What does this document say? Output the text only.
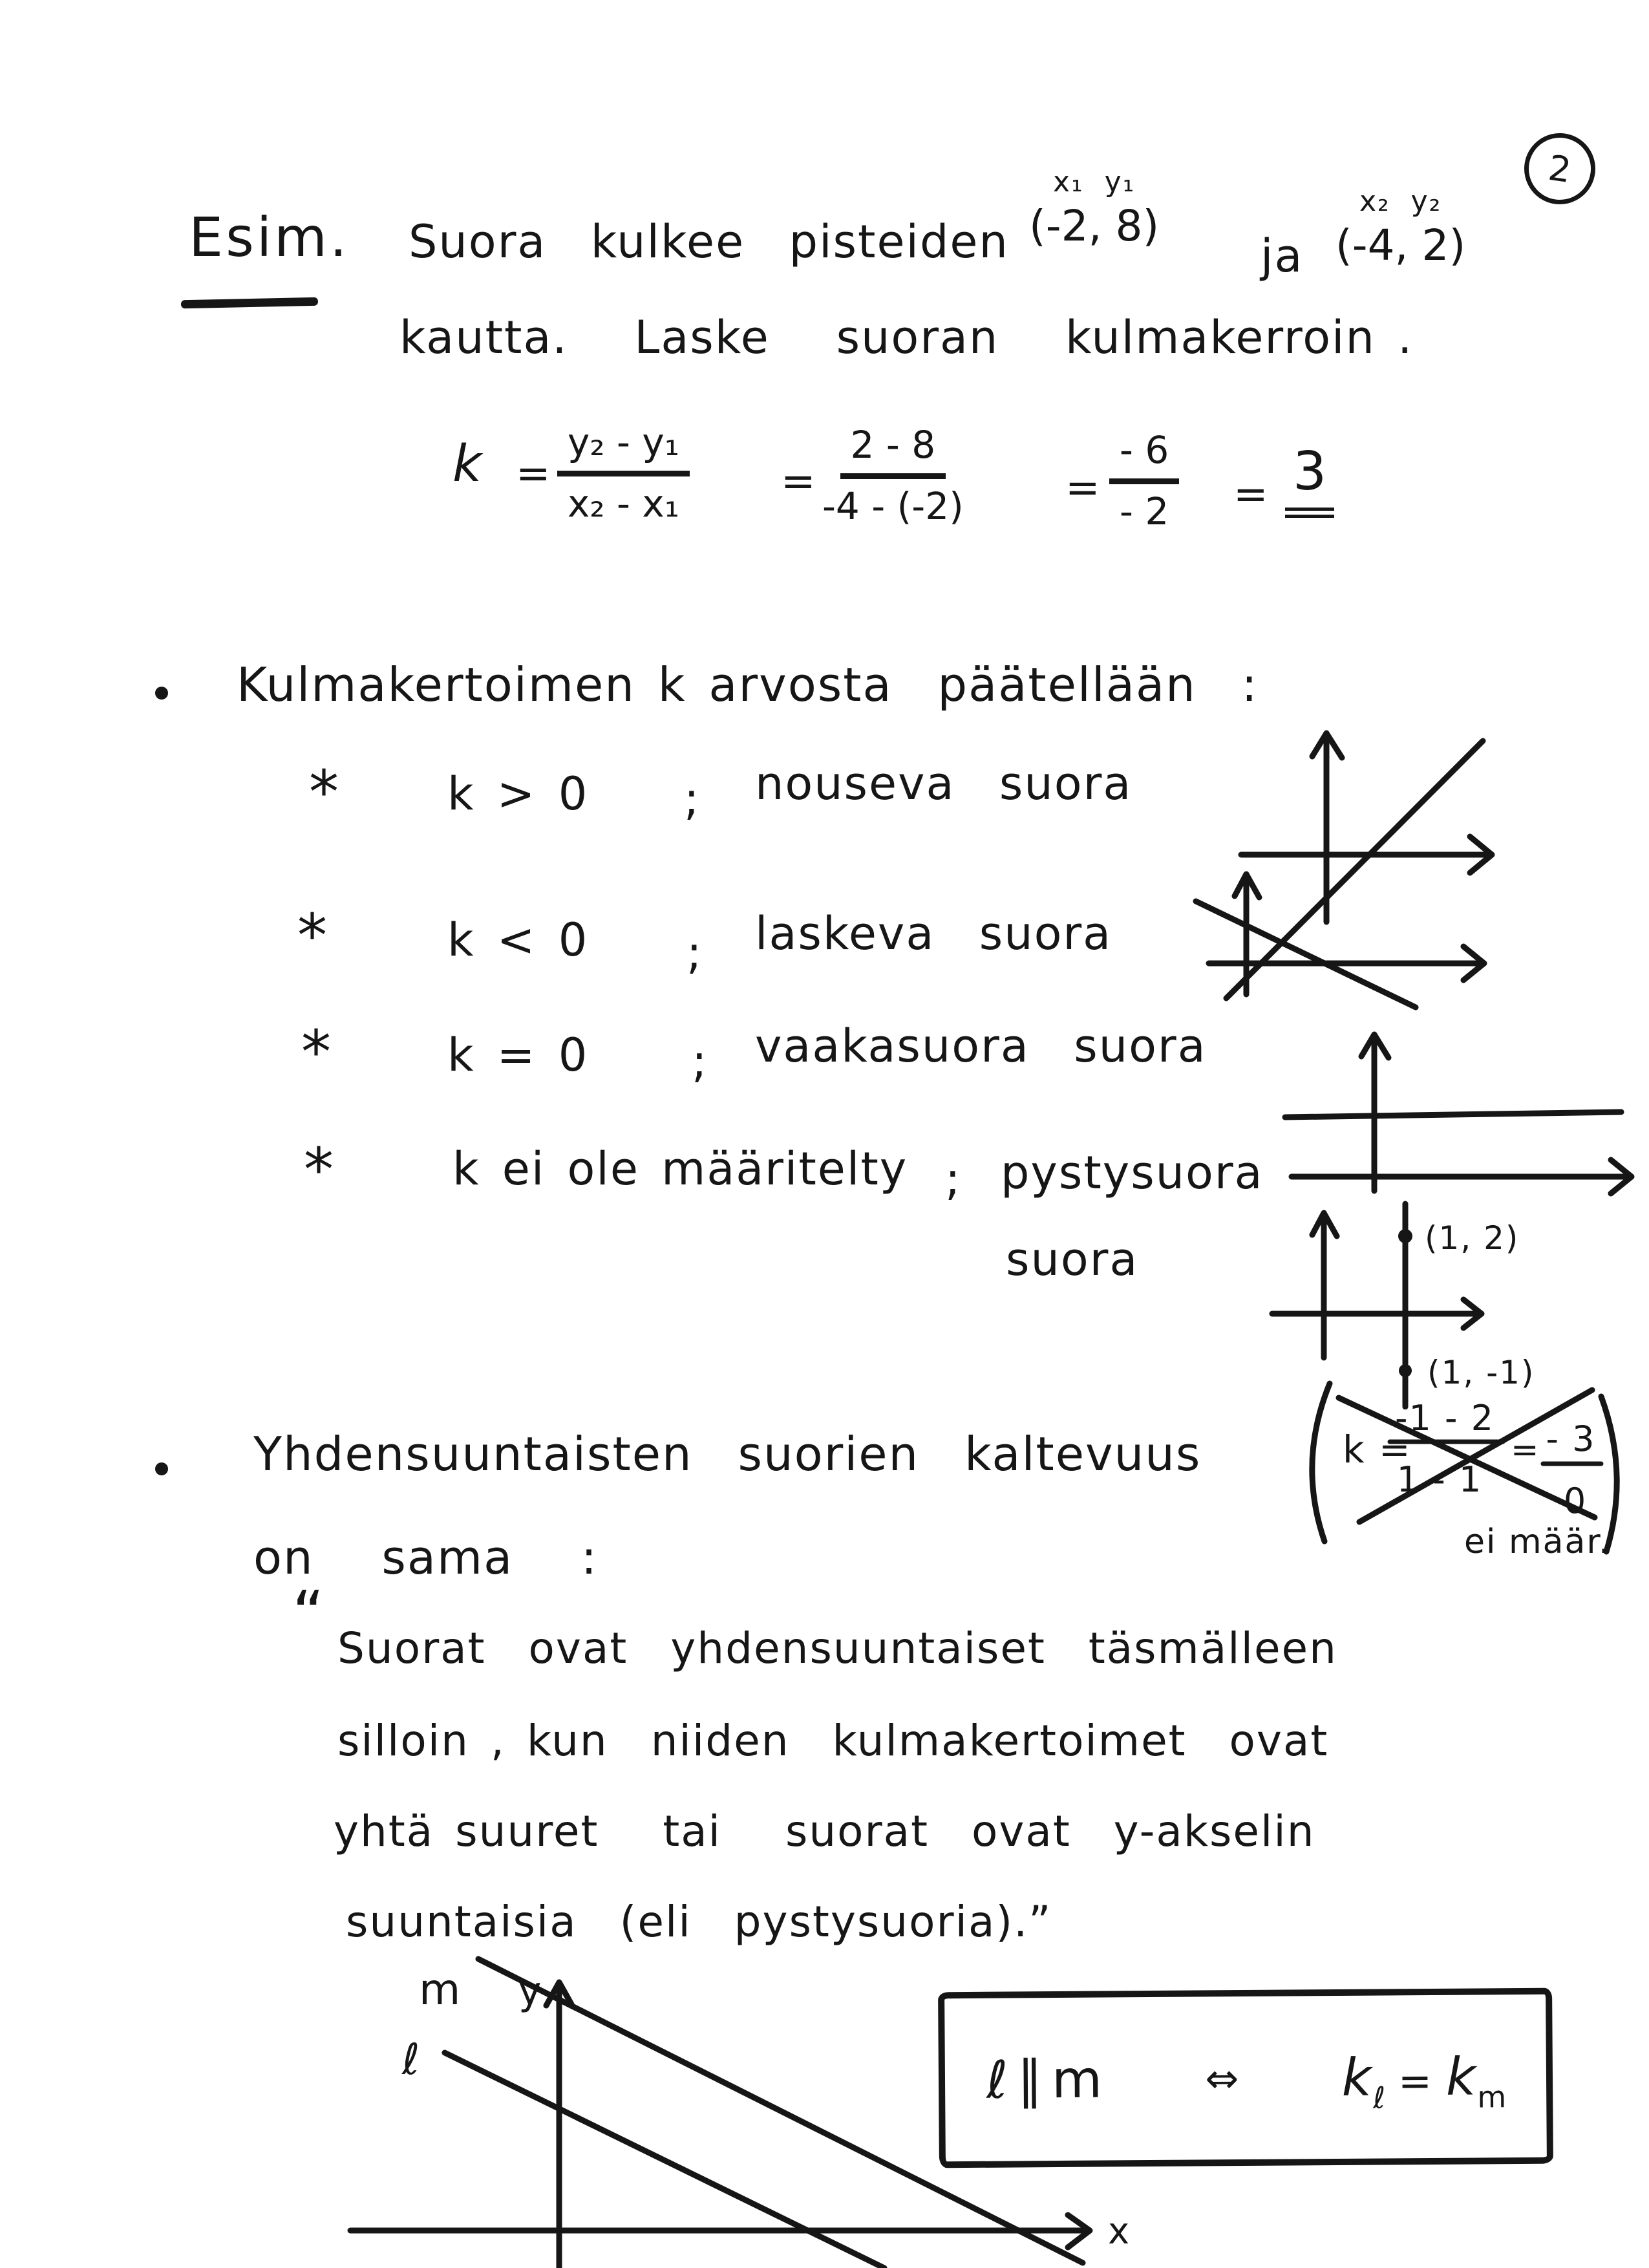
2
Esim. Suora  kulkee  pisteiden
x₁  y₁
(-2, 8)
ja
x₂  y₂
(-4, 2)
kautta.   Laske   suoran   kulmakerroin .
$k = \frac{\text{y₂ - y₁}}{\text{x₂ - x₁}} = \frac{2 - 8}{-4 - (-2)} = \frac{- 6}{- 2} = 3$
Kulmakertoimen k arvosta  päätellään  :
* k > 0 ; nouseva  suora
*	k < 0 ; laskeva  suora
*	k = 0 ; vaakasuora  suora
*	k ei ole määritelty ; pystysuora
suora	(1, 2)
(1, -1)
k =
-1 - 2
1 - 1
= - 3
0
ei määr.
Yhdensuuntaisten  suorien  kaltevuus
on   sama   :
“ Suorat  ovat  yhdensuuntaiset  täsmälleen
silloin , kun  niiden  kulmakertoimet  ovat
yhtä suuret   tai   suorat  ovat  y-akselin
suuntaisia  (eli  pystysuoria).”
m y
ℓ
x
ℓ ∥ m	⇔ k ℓ = k m
